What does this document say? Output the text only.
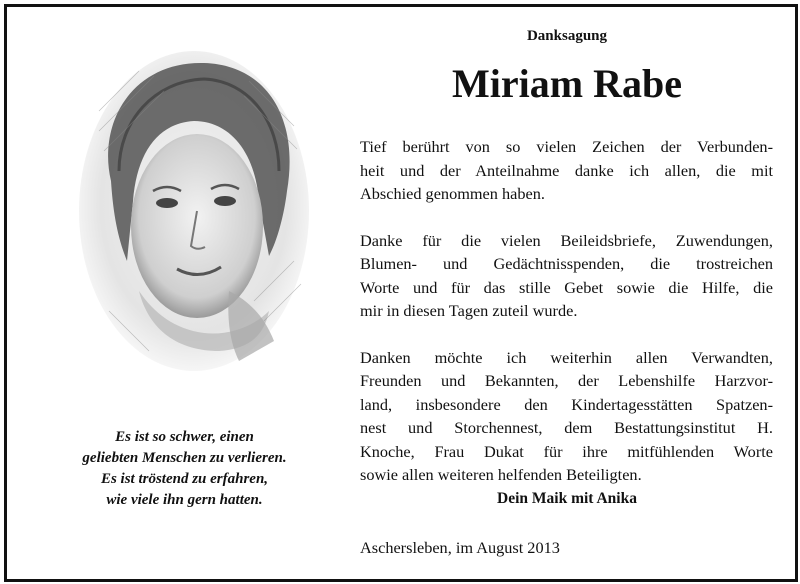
Es ist so schwer, einen
geliebten Menschen zu verlieren.
Es ist tröstend zu erfahren,
wie viele ihn gern hatten.
Danksagung
Miriam Rabe
Tief berührt von so vielen Zeichen der Verbunden-
heit und der Anteilnahme danke ich allen, die mit
Abschied genommen haben.
Danke für die vielen Beileidsbriefe, Zuwendungen,
Blumen- und Gedächtnisspenden, die trostreichen
Worte und für das stille Gebet sowie die Hilfe, die
mir in diesen Tagen zuteil wurde.
Danken möchte ich weiterhin allen Verwandten,
Freunden und Bekannten, der Lebenshilfe Harzvor-
land, insbesondere den Kindertagesstätten Spatzen-
nest und Storchennest, dem Bestattungsinstitut H.
Knoche, Frau Dukat für ihre mitfühlenden Worte
sowie allen weiteren helfenden Beteiligten.
Dein Maik mit Anika
Aschersleben, im August 2013
